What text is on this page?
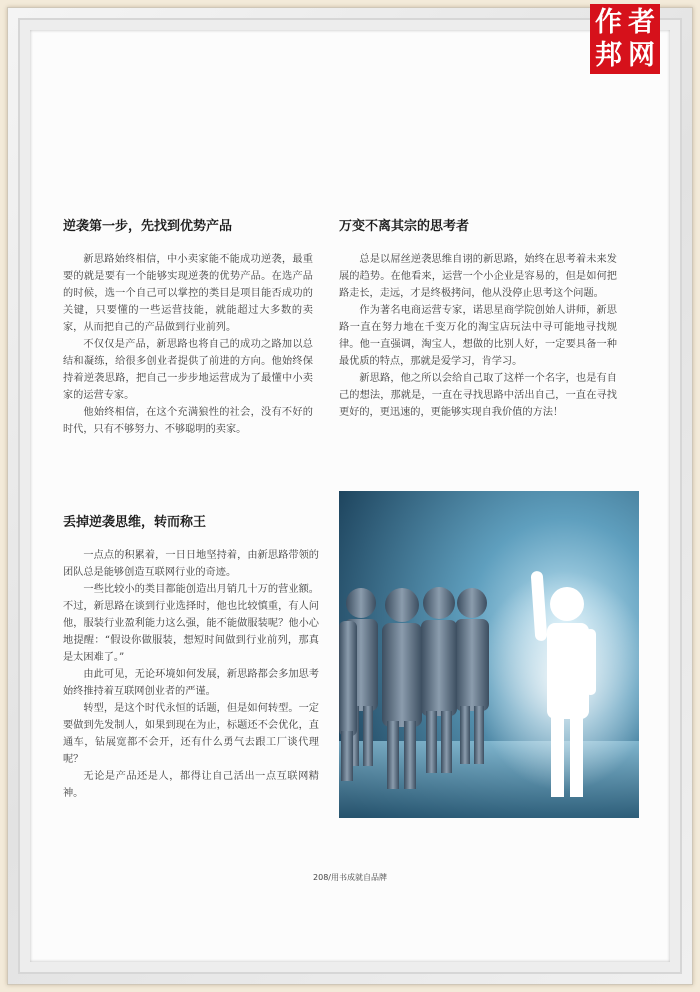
作 者
邦 网
逆袭第一步，先找到优势产品

新思路始终相信，中小卖家能不能成功逆袭，最重要的就是要有一个能够实现逆袭的优势产品。在选产品的时候，选一个自己可以掌控的类目是项目能否成功的关键，只要懂的一些运营技能，就能超过大多数的卖家，从而把自己的产品做到行业前列。

不仅仅是产品，新思路也将自己的成功之路加以总结和凝练，给很多创业者提供了前进的方向。他始终保持着逆袭思路，把自己一步步地运营成为了最懂中小卖家的运营专家。

他始终相信，在这个充满狼性的社会，没有不好的时代，只有不够努力、不够聪明的卖家。

万变不离其宗的思考者

总是以屌丝逆袭思维自诩的新思路，始终在思考着未来发展的趋势。在他看来，运营一个小企业是容易的，但是如何把路走长，走远，才是终极拷问，他从没停止思考这个问题。

作为著名电商运营专家，诺思星商学院创始人讲师，新思路一直在努力地在千变万化的淘宝店玩法中寻可能地寻找规律。他一直强调，淘宝人，想做的比别人好，一定要具备一种最优质的特点，那就是爱学习，肯学习。

新思路，他之所以会给自己取了这样一个名字，也是有自己的想法，那就是，一直在寻找思路中活出自己，一直在寻找更好的，更迅速的，更能够实现自我价值的方法！

丢掉逆袭思维，转而称王

一点点的积累着，一日日地坚持着，由新思路带领的团队总是能够创造互联网行业的奇迹。

一些比较小的类目都能创造出月销几十万的营业额。不过，新思路在谈到行业选择时，他也比较慎重，有人问他，服装行业盈利能力这么强，能不能做服装呢？他小心地提醒：“假设你做服装，想短时间做到行业前列，那真是太困难了。”

由此可见，无论环境如何发展，新思路都会多加思考始终推持着互联网创业者的严谨。

转型，是这个时代永恒的话题，但是如何转型。一定要做到先发制人，如果到现在为止，标题还不会优化，直通车，钻展宽都不会开，还有什么勇气去跟工厂谈代理呢？

无论是产品还是人，都得让自己活出一点互联网精神。

208/用书成就自品牌
